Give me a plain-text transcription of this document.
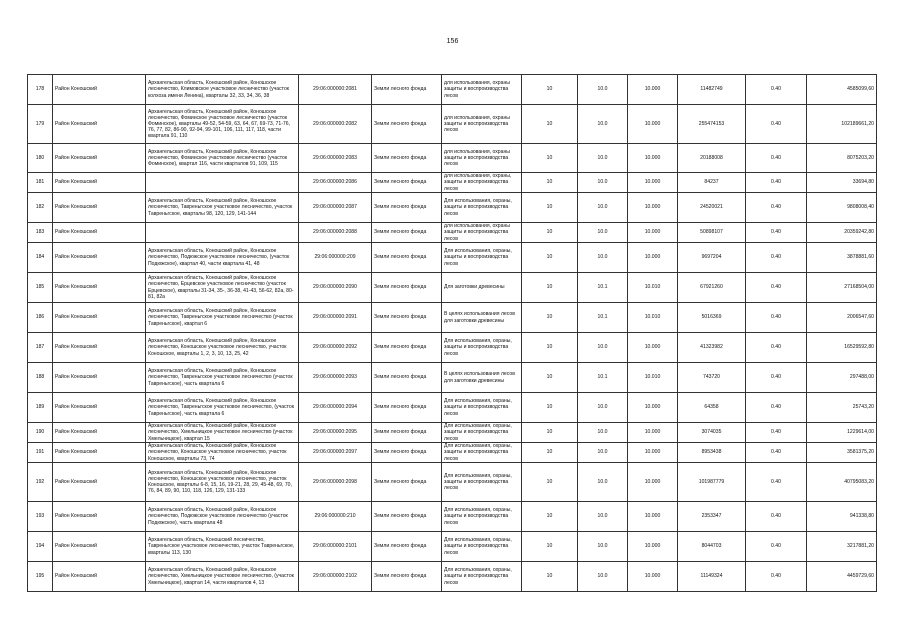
156
178	Район Коношский	Архангельская область, Коношский район, Коношское лесничество, Климовское участковое лесничество (участок колхоза имени Ленина), кварталы 32, 33, 34, 36, 38	29:06:000000:2081	Земли лесного фонда	для использования, охраны защиты и воспроизводства лесов	10	10.0	10.000	11482749	0.40	4585099,60
179	Район Коношский	Архангельская область, Коношский район, Коношское лесничество, Фоминское участковое лесничество (участок Фоминское), кварталы 49-52, 54-59, 63, 64, 67, 69-73, 71-76, 76, 77, 82, 86-90, 92-94, 99-101, 106, 111, 117, 118, части квартала 91, 110	29:06:000000:2082	Земли лесного фонда	для использования, охраны защиты и воспроизводства лесов	10	10.0	10.000	255474153	0.40	102189661,20
180	Район Коношский	Архангельская область, Коношский район, Коношское лесничество, Фоминское участковое лесничество (участок Фоминское), квартал 116, части кварталов 91, 109, 115	29:06:000000:2083	Земли лесного фонда	для использования, охраны защиты и воспроизводства лесов	10	10.0	10.000	20188008	0.40	8075203,20
181	Район Коношский		29:06:000000:2086	Земли лесного фонда	для использования, охраны, защиты и воспроизводства лесов	10	10.0	10.000	84237	0.40	33694,80
182	Район Коношский	Архангельская область, Коношский район, Коношское лесничество, Тавреньгское участковое лесничество, участок Тавреньгское, кварталы 98, 120, 129, 141-144	29:06:000000:2087	Земли лесного фонда	Для использования, охраны, защиты и воспроизводства лесов	10	10.0	10.000	24520021	0.40	9808008,40
183	Район Коношский		29:06:000000:2088	Земли лесного фонда	для использования, охраны защиты и воспроизводства лесов	10	10.0	10.000	50898107	0.40	20359242,80
184	Район Коношский	Архангельская область, Коношский район, Коношское лесничество, Подюжское участковое лесничество, (участок Подюжское), квартал 40, части квартала 41, 48	29:06:000000:209	Земли лесного фонда	Для использования, охраны, защиты и воспроизводства лесов	10	10.0	10.000	9697204	0.40	3878881,60
185	Район Коношский	Архангельская область, Коношский район, Коношское лесничество, Ерцевское участковое лесничество (участок Ерцевское), кварталы 31-34, 35-, 36-38, 41-43, 56-62, 82а, 80-81, 82а	29:06:000000:2090	Земли лесного фонда	Для заготовки древесины	10	10.1	10.010	67921260	0.40	27168504,00
186	Район Коношский	Архангельская область, Коношский район, Коношское лесничество, Тавреньгское участковое лесничество (участок Тавреньгское), квартал 6	29:06:000000:2091	Земли лесного фонда	В целях использования лесов для заготовки древесины	10	10.1	10.010	5016369	0.40	2006547,60
187	Район Коношский	Архангельская область, Коношский район, Коношское лесничество, Коношское участковое лесничество, участок Коношское, кварталы 1, 2, 3, 10, 13, 25, 42	29:06:000000:2092	Земли лесного фонда	Для использования, охраны, защиты и воспроизводства лесов	10	10.0	10.000	41323982	0.40	16529592,80
188	Район Коношский	Архангельская область, Коношский район, Коношское лесничество, Тавреньгское участковое лесничество (участок Тавреньгское), часть квартала 6	29:06:000000:2093	Земли лесного фонда	В целях использования лесов для заготовки древесины	10	10.1	10.010	743720	0.40	297488,00
189	Район Коношский	Архангельская область, Коношский район, Коношское лесничество, Тавреньгское участковое лесничество, (участок Тавреньгское), часть квартала 6	29:06:000000:2094	Земли лесного фонда	Для использования, охраны, защиты и воспроизводства лесов	10	10.0	10.000	64358	0.40	25743,20
190	Район Коношский	Архангельская область, Коношский район, Коношское лесничество, Хмельницкое участковое лесничество (участок Хмельницкое), квартал 15	29:06:000000:2095	Земли лесного фонда	Для использования, охраны, защиты и воспроизводства лесов	10	10.0	10.000	3074035	0.40	1229614,00
191	Район Коношский	Архангельская область, Коношский район, Коношское лесничество, Коношское участковое лесничество, участок Коношское, кварталы 73, 74	29:06:000000:2097	Земли лесного фонда	Для использования, охраны, защиты и воспроизводства лесов	10	10.0	10.000	8953438	0.40	3581375,20
192	Район Коношский	Архангельская область, Коношский район, Коношское лесничество, Коношское участковое лесничество, участок Коношское, кварталы 6-8, 15, 16, 19-21, 28, 29, 45-48, 69, 70, 76, 84, 89, 90, 110, 118, 126, 129, 131-133	29:06:000000:2098	Земли лесного фонда	Для использования, охраны, защиты и воспроизводства лесов	10	10.0	10.000	101987779	0.40	40795083,20
193	Район Коношский	Архангельская область, Коношский район, Коношское лесничество, Подюжское участковое лесничество (участок Подюжское), часть квартала 48	29:06:000000:210	Земли лесного фонда	Для использования, охраны, защиты и воспроизводства лесов	10	10.0	10.000	2353347	0.40	941338,80
194	Район Коношский	Архангельская область, Коношский лесничество, Тавреньгское участковое лесничество, участок Тавреньгское, кварталы 113, 130	29:06:000000:2101	Земли лесного фонда	Для использования, охраны, защиты и воспроизводства лесов	10	10.0	10.000	8044703	0.40	3217881,20
195	Район Коношский	Архангельская область, Коношский район, Коношское лесничество, Хмельницкое участковое лесничество, (участок Хмельницкое), квартал 14, части кварталов 4, 13	29:06:000000:2102	Земли лесного фонда	Для использования, охраны, защиты и воспроизводства лесов	10	10.0	10.000	11149324	0.40	4459729,60
